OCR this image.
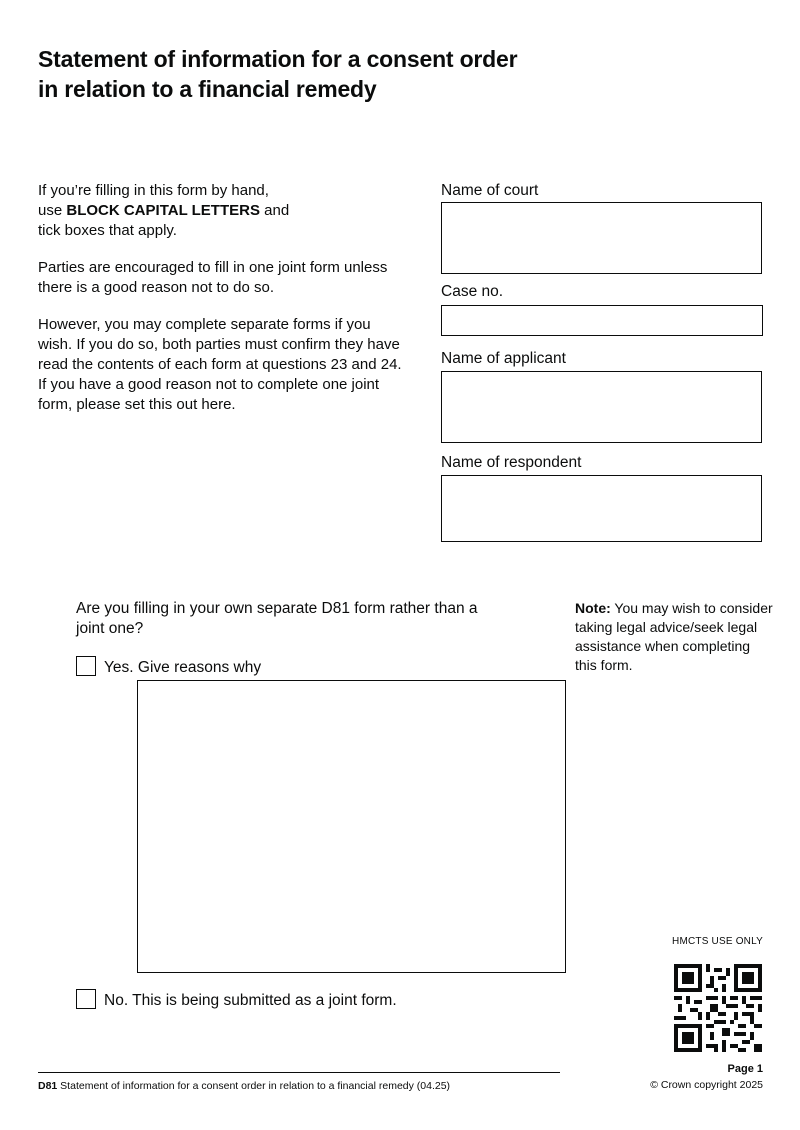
Statement of information for a consent order
in relation to a financial remedy

If you’re filling in this form by hand,
use BLOCK CAPITAL LETTERS and
tick boxes that apply.

Parties are encouraged to fill in one joint form unless there is a good reason not to do so.

However, you may complete separate forms if you wish. If you do so, both parties must confirm they have read the contents of each form at questions 23 and 24. If you have a good reason not to complete one joint form, please set this out here.

Name of court
Case no.
Name of applicant
Name of respondent
Are you filling in your own separate D81 form rather than a joint one?
Note: You may wish to consider taking legal advice/seek legal assistance when completing this form.
Yes. Give reasons why
No. This is being submitted as a joint form.
HMCTS USE ONLY
D81 Statement of information for a consent order in relation to a financial remedy (04.25)
Page 1
© Crown copyright 2025
